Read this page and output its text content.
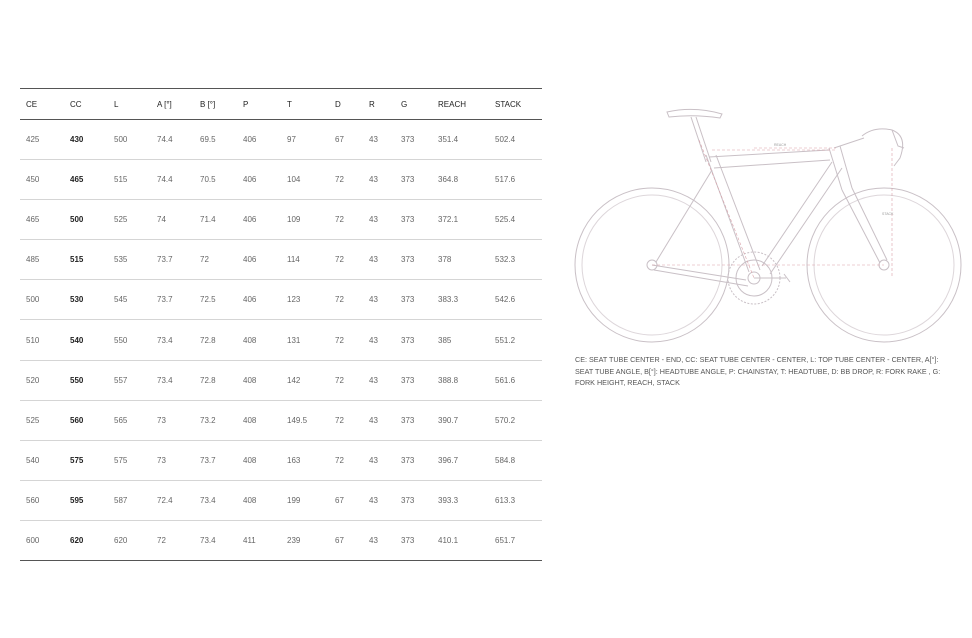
CE	CC	L	A [°]	B [°]	P	T	D	R	G	REACH	STACK
425	430	500	74.4	69.5	406	97	67	43	373	351.4	502.4
450	465	515	74.4	70.5	406	104	72	43	373	364.8	517.6
465	500	525	74	71.4	406	109	72	43	373	372.1	525.4
485	515	535	73.7	72	406	114	72	43	373	378	532.3
500	530	545	73.7	72.5	406	123	72	43	373	383.3	542.6
510	540	550	73.4	72.8	408	131	72	43	373	385	551.2
520	550	557	73.4	72.8	408	142	72	43	373	388.8	561.6
525	560	565	73	73.2	408	149.5	72	43	373	390.7	570.2
540	575	575	73	73.7	408	163	72	43	373	396.7	584.8
560	595	587	72.4	73.4	408	199	67	43	373	393.3	613.3
600	620	620	72	73.4	411	239	67	43	373	410.1	651.7
REACH
STACK
CE: SEAT TUBE CENTER - END, CC: SEAT TUBE CENTER - CENTER, L: TOP TUBE CENTER - CENTER, A[°]: SEAT TUBE ANGLE, B[°]: HEADTUBE ANGLE, P: CHAINSTAY, T: HEADTUBE, D: BB DROP, R: FORK RAKE , G: FORK HEIGHT, REACH, STACK
